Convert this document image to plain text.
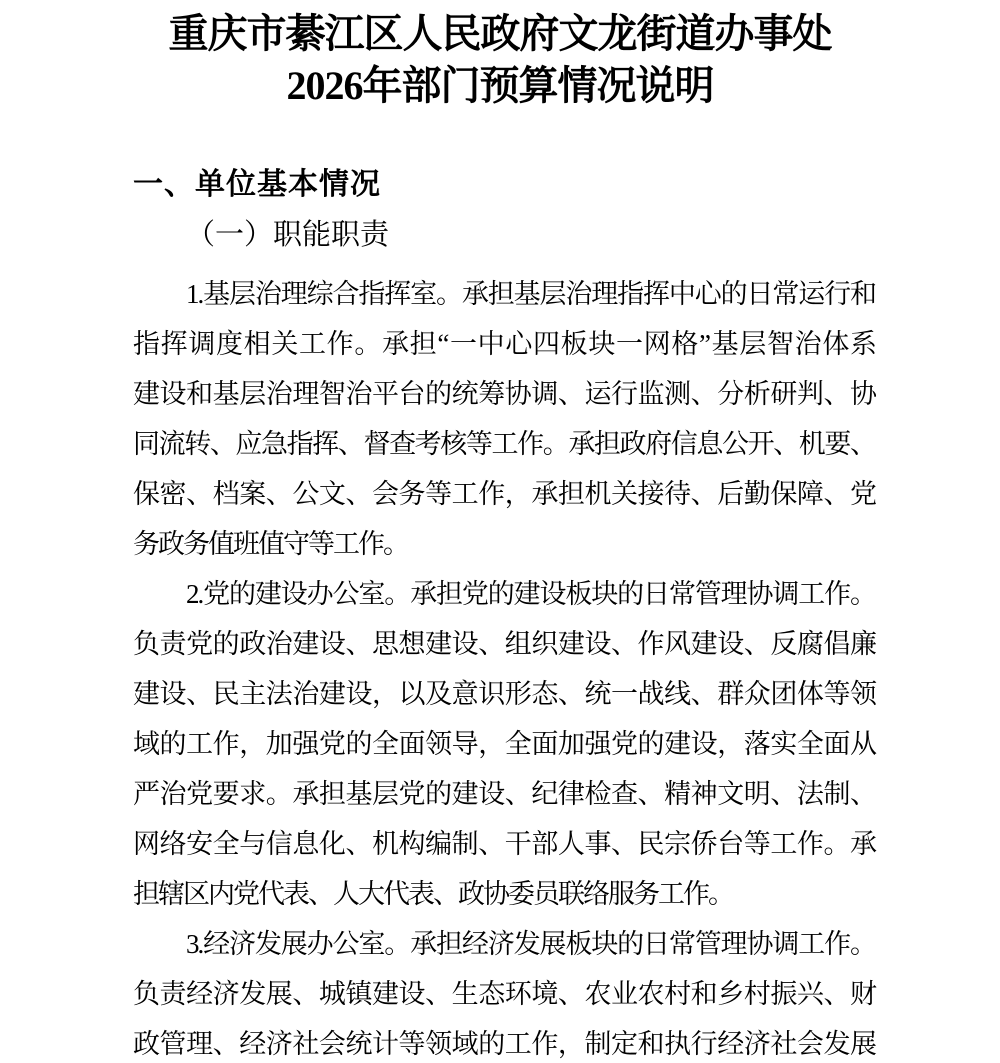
重庆市綦江区人民政府文龙街道办事处
2026年部门预算情况说明
一、单位基本情况
（一）职能职责
1.基层治理综合指挥室。承担基层治理指挥中心的日常运行和
指挥调度相关工作。承担“一中心四板块一网格”基层智治体系
建设和基层治理智治平台的统筹协调、运行监测、分析研判、协
同流转、应急指挥、督查考核等工作。承担政府信息公开、机要、
保密、档案、公文、会务等工作，承担机关接待、后勤保障、党
务政务值班值守等工作。
2.党的建设办公室。承担党的建设板块的日常管理协调工作。
负责党的政治建设、思想建设、组织建设、作风建设、反腐倡廉
建设、民主法治建设，以及意识形态、统一战线、群众团体等领
域的工作，加强党的全面领导，全面加强党的建设，落实全面从
严治党要求。承担基层党的建设、纪律检查、精神文明、法制、
网络安全与信息化、机构编制、干部人事、民宗侨台等工作。承
担辖区内党代表、人大代表、政协委员联络服务工作。
3.经济发展办公室。承担经济发展板块的日常管理协调工作。
负责经济发展、城镇建设、生态环境、农业农村和乡村振兴、财
政管理、经济社会统计等领域的工作，制定和执行经济社会发展
